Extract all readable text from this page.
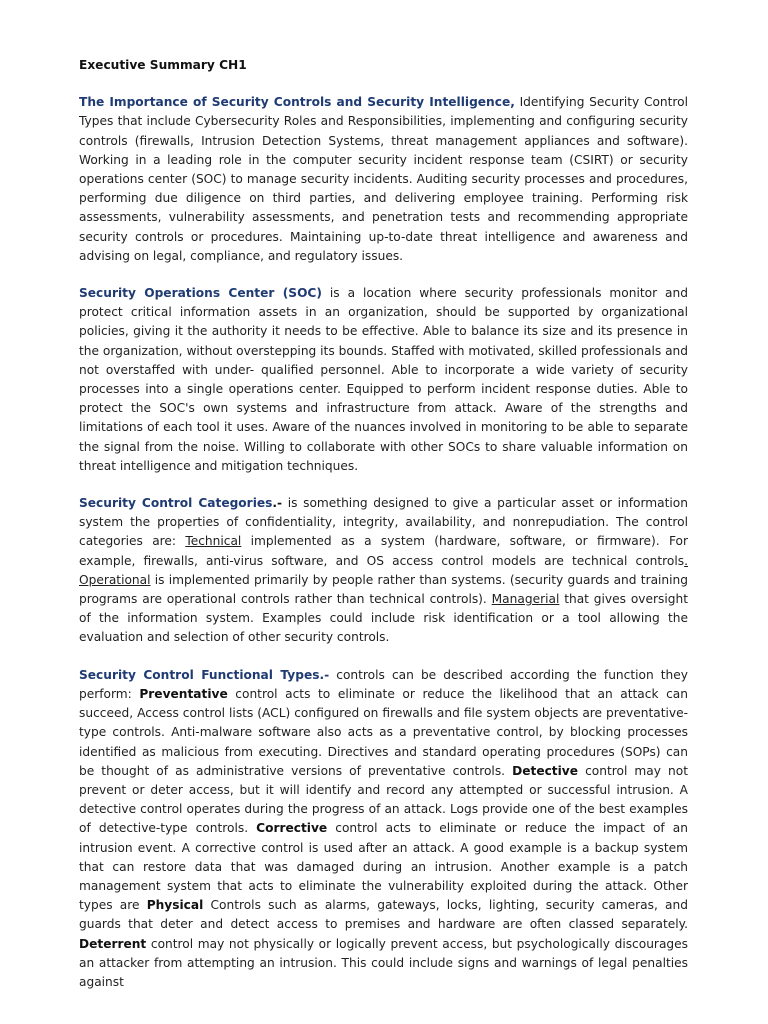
Executive Summary CH1

The Importance of Security Controls and Security Intelligence, Identifying Security Control Types that include Cybersecurity Roles and Responsibilities, implementing and configuring security controls (firewalls, Intrusion Detection Systems, threat management appliances and software). Working in a leading role in the computer security incident response team (CSIRT) or security operations center (SOC) to manage security incidents. Auditing security processes and procedures, performing due diligence on third parties, and delivering employee training. Performing risk assessments, vulnerability assessments, and penetration tests and recommending appropriate security controls or procedures. Maintaining up-to-date threat intelligence and awareness and advising on legal, compliance, and regulatory issues.

Security Operations Center (SOC) is a location where security professionals monitor and protect critical information assets in an organization, should be supported by organizational policies, giving it the authority it needs to be effective. Able to balance its size and its presence in the organization, without overstepping its bounds. Staffed with motivated, skilled professionals and not overstaffed with under- qualified personnel. Able to incorporate a wide variety of security processes into a single operations center. Equipped to perform incident response duties. Able to protect the SOC's own systems and infrastructure from attack. Aware of the strengths and limitations of each tool it uses. Aware of the nuances involved in monitoring to be able to separate the signal from the noise. Willing to collaborate with other SOCs to share valuable information on threat intelligence and mitigation techniques.

Security Control Categories.- is something designed to give a particular asset or information system the properties of confidentiality, integrity, availability, and nonrepudiation. The control categories are: Technical implemented as a system (hardware, software, or firmware). For example, firewalls, anti-virus software, and OS access control models are technical controls. Operational is implemented primarily by people rather than systems. (security guards and training programs are operational controls rather than technical controls). Managerial that gives oversight of the information system. Examples could include risk identification or a tool allowing the evaluation and selection of other security controls.

Security Control Functional Types.- controls can be described according the function they perform: Preventative control acts to eliminate or reduce the likelihood that an attack can succeed, Access control lists (ACL) configured on firewalls and file system objects are preventative-type controls. Anti-malware software also acts as a preventative control, by blocking processes identified as malicious from executing. Directives and standard operating procedures (SOPs) can be thought of as administrative versions of preventative controls. Detective control may not prevent or deter access, but it will identify and record any attempted or successful intrusion. A detective control operates during the progress of an attack. Logs provide one of the best examples of detective-type controls. Corrective control acts to eliminate or reduce the impact of an intrusion event. A corrective control is used after an attack. A good example is a backup system that can restore data that was damaged during an intrusion. Another example is a patch management system that acts to eliminate the vulnerability exploited during the attack. Other types are Physical Controls such as alarms, gateways, locks, lighting, security cameras, and guards that deter and detect access to premises and hardware are often classed separately. Deterrent control may not physically or logically prevent access, but psychologically discourages an attacker from attempting an intrusion. This could include signs and warnings of legal penalties against
